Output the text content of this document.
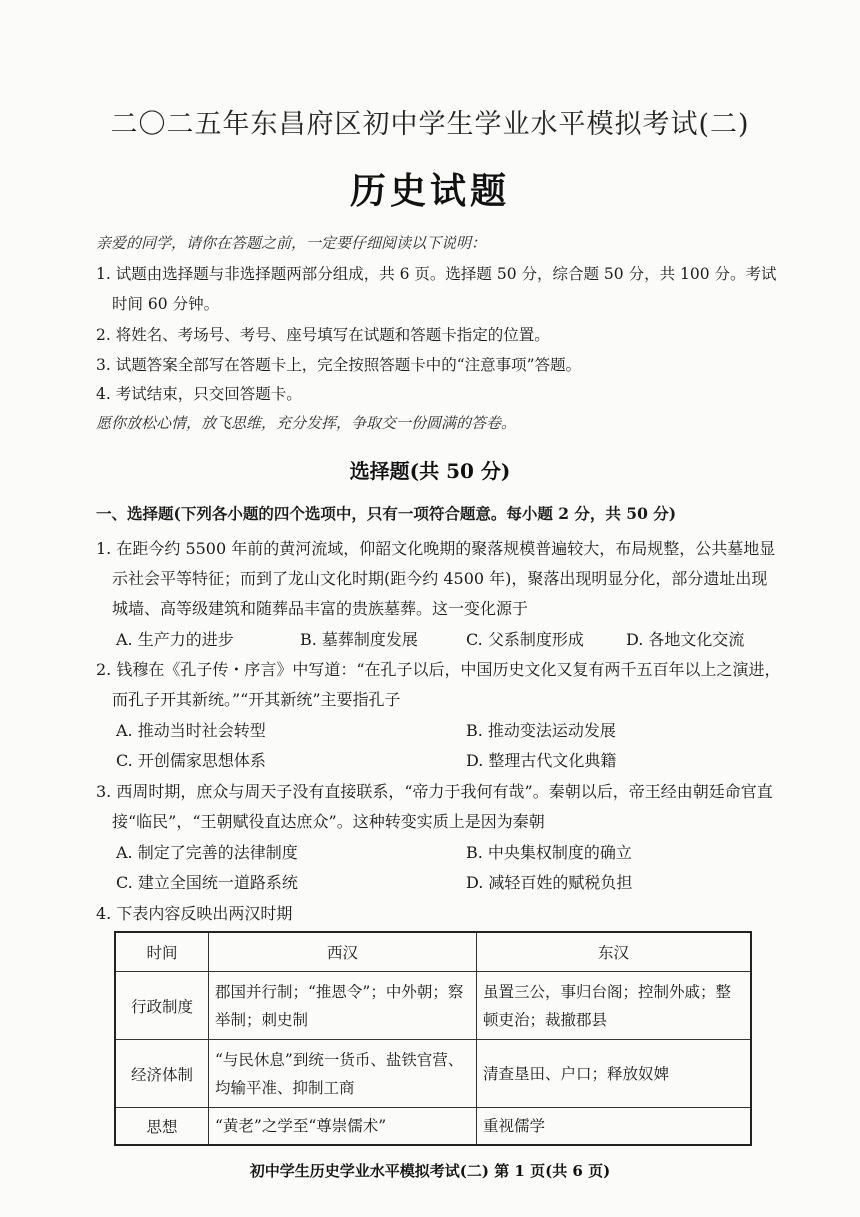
二〇二五年东昌府区初中学生学业水平模拟考试(二)
历史试题
亲爱的同学，请你在答题之前，一定要仔细阅读以下说明：
1. 试题由选择题与非选择题两部分组成，共 6 页。选择题 50 分，综合题 50 分，共 100 分。考试
时间 60 分钟。
2. 将姓名、考场号、考号、座号填写在试题和答题卡指定的位置。
3. 试题答案全部写在答题卡上，完全按照答题卡中的“注意事项”答题。
4. 考试结束，只交回答题卡。
愿你放松心情，放飞思维，充分发挥，争取交一份圆满的答卷。
选择题(共 50 分)
一、选择题(下列各小题的四个选项中，只有一项符合题意。每小题 2 分，共 50 分)
1. 在距今约 5500 年前的黄河流域，仰韶文化晚期的聚落规模普遍较大，布局规整，公共墓地显
示社会平等特征；而到了龙山文化时期(距今约 4500 年)，聚落出现明显分化，部分遗址出现
城墙、高等级建筑和随葬品丰富的贵族墓葬。这一变化源于
A. 生产力的进步	B. 墓葬制度发展	C. 父系制度形成	D. 各地文化交流
2. 钱穆在《孔子传・序言》中写道：“在孔子以后，中国历史文化又复有两千五百年以上之演进，
而孔子开其新统。”“开其新统”主要指孔子
A. 推动当时社会转型	B. 推动变法运动发展
C. 开创儒家思想体系	D. 整理古代文化典籍
3. 西周时期，庶众与周天子没有直接联系，“帝力于我何有哉”。秦朝以后，帝王经由朝廷命官直
接“临民”，“王朝赋役直达庶众”。这种转变实质上是因为秦朝
A. 制定了完善的法律制度	B. 中央集权制度的确立
C. 建立全国统一道路系统	D. 减轻百姓的赋税负担
4. 下表内容反映出两汉时期
时间	西汉	东汉
行政制度	郡国并行制；“推恩令”；中外朝；察举制；刺史制	虽置三公，事归台阁；控制外戚；整顿吏治；裁撤郡县
经济体制	“与民休息”到统一货币、盐铁官营、均输平准、抑制工商	清查垦田、户口；释放奴婢
思想	“黄老”之学至“尊崇儒术”	重视儒学
初中学生历史学业水平模拟考试(二) 第 1 页(共 6 页)
